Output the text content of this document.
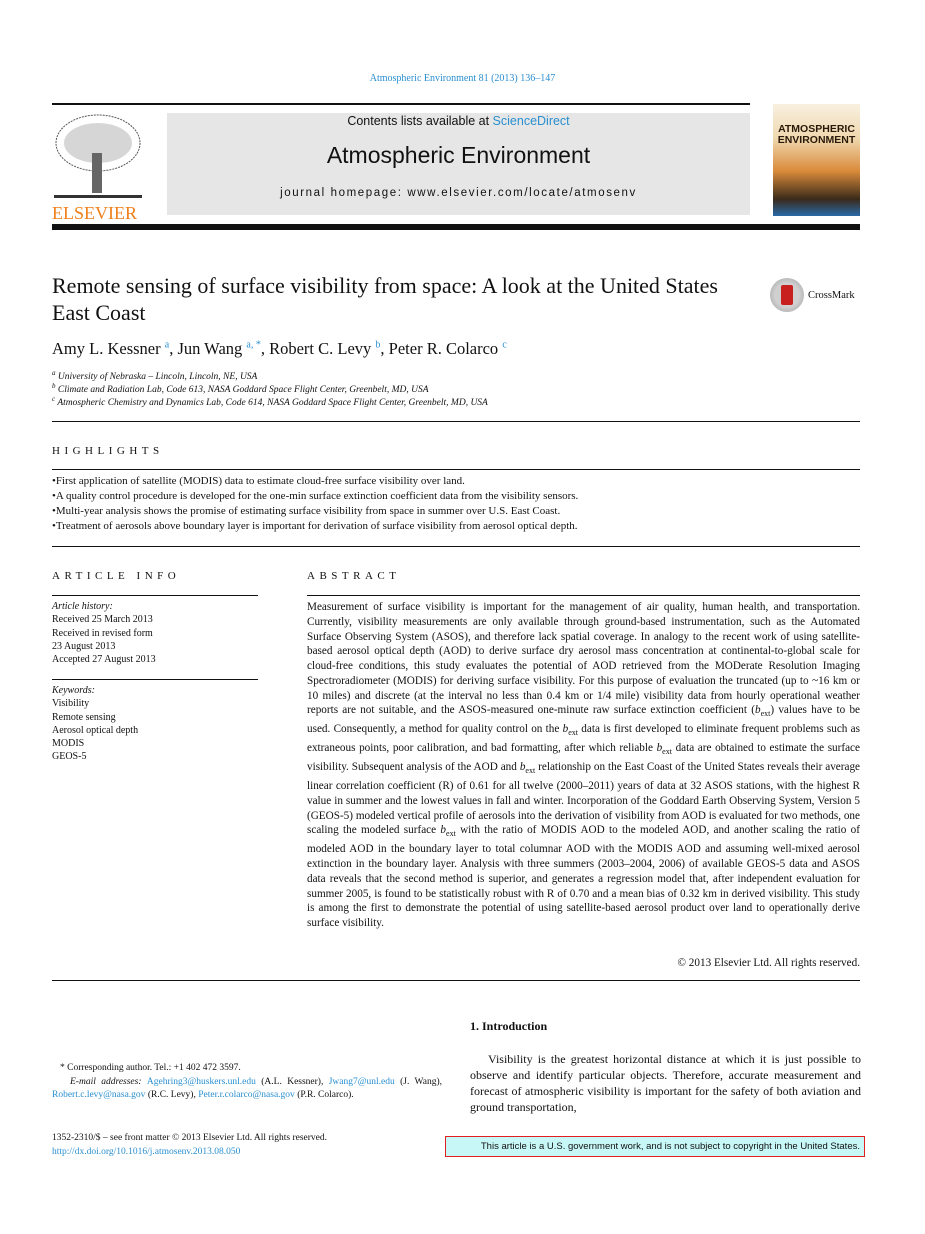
Atmospheric Environment 81 (2013) 136–147
ELSEVIER
Contents lists available at ScienceDirect
Atmospheric Environment
journal homepage: www.elsevier.com/locate/atmosenv
ATMOSPHERIC ENVIRONMENT
Remote sensing of surface visibility from space: A look at the United States East Coast
CrossMark
Amy L. Kessner $^a$, Jun Wang $^{a, *}$, Robert C. Levy $^b$, Peter R. Colarco $^c$
$^a$ University of Nebraska – Lincoln, Lincoln, NE, USA
$^b$ Climate and Radiation Lab, Code 613, NASA Goddard Space Flight Center, Greenbelt, MD, USA
$^c$ Atmospheric Chemistry and Dynamics Lab, Code 614, NASA Goddard Space Flight Center, Greenbelt, MD, USA
HIGHLIGHTS
• First application of satellite (MODIS) data to estimate cloud-free surface visibility over land.
• A quality control procedure is developed for the one-min surface extinction coefficient data from the visibility sensors.
• Multi-year analysis shows the promise of estimating surface visibility from space in summer over U.S. East Coast.
• Treatment of aerosols above boundary layer is important for derivation of surface visibility from aerosol optical depth.
ARTICLE INFO
Article history:
Received 25 March 2013
Received in revised form
23 August 2013
Accepted 27 August 2013
Keywords:
Visibility
Remote sensing
Aerosol optical depth
MODIS
GEOS-5
ABSTRACT
Measurement of surface visibility is important for the management of air quality, human health, and transportation. Currently, visibility measurements are only available through ground-based instrumentation, such as the Automated Surface Observing System (ASOS), and therefore lack spatial coverage. In analogy to the recent work of using satellite-based aerosol optical depth (AOD) to derive surface dry aerosol mass concentration at continental-to-global scale for cloud-free conditions, this study evaluates the potential of AOD retrieved from the MODerate Resolution Imaging Spectroradiometer (MODIS) for deriving surface visibility. For this purpose of evaluation the truncated (up to ~16 km or 10 miles) and discrete (at the interval no less than 0.4 km or 1/4 mile) visibility data from hourly operational weather reports are not suitable, and the ASOS-measured one-minute raw surface extinction coefficient $(b_{ext})$ values have to be used. Consequently, a method for quality control on the $b_{ext}$ data is first developed to eliminate frequent problems such as extraneous points, poor calibration, and bad formatting, after which reliable $b_{ext}$ data are obtained to estimate the surface visibility. Subsequent analysis of the AOD and $b_{ext}$ relationship on the East Coast of the United States reveals their average linear correlation coefficient (R) of 0.61 for all twelve (2000–2011) years of data at 32 ASOS stations, with the highest R value in summer and the lowest values in fall and winter. Incorporation of the Goddard Earth Observing System, Version 5 (GEOS-5) modeled vertical profile of aerosols into the derivation of visibility from AOD is evaluated for two methods, one scaling the modeled surface $b_{ext}$ with the ratio of MODIS AOD to the modeled AOD, and another scaling the ratio of modeled AOD in the boundary layer to total columnar AOD with the MODIS AOD and assuming well-mixed aerosol extinction in the boundary layer. Analysis with three summers (2003–2004, 2006) of available GEOS-5 data and ASOS data reveals that the second method is superior, and generates a regression model that, after independent evaluation for summer 2005, is found to be statistically robust with R of 0.70 and a mean bias of 0.32 km in derived visibility. This study is among the first to demonstrate the potential of using satellite-based aerosol product over land to operationally derive surface visibility.
© 2013 Elsevier Ltd. All rights reserved.
1. Introduction
Visibility is the greatest horizontal distance at which it is just possible to observe and identify particular objects. Therefore, accurate measurement and forecast of atmospheric visibility is important for the safety of both aviation and ground transportation,
* Corresponding author. Tel.: +1 402 472 3597.
E-mail addresses: Agehring3@huskers.unl.edu (A.L. Kessner), Jwang7@unl.edu (J. Wang), Robert.c.levy@nasa.gov (R.C. Levy), Peter.r.colarco@nasa.gov (P.R. Colarco).
1352-2310/$ – see front matter © 2013 Elsevier Ltd. All rights reserved.
http://dx.doi.org/10.1016/j.atmosenv.2013.08.050	This article is a U.S. government work, and is not subject to copyright in the United States.
